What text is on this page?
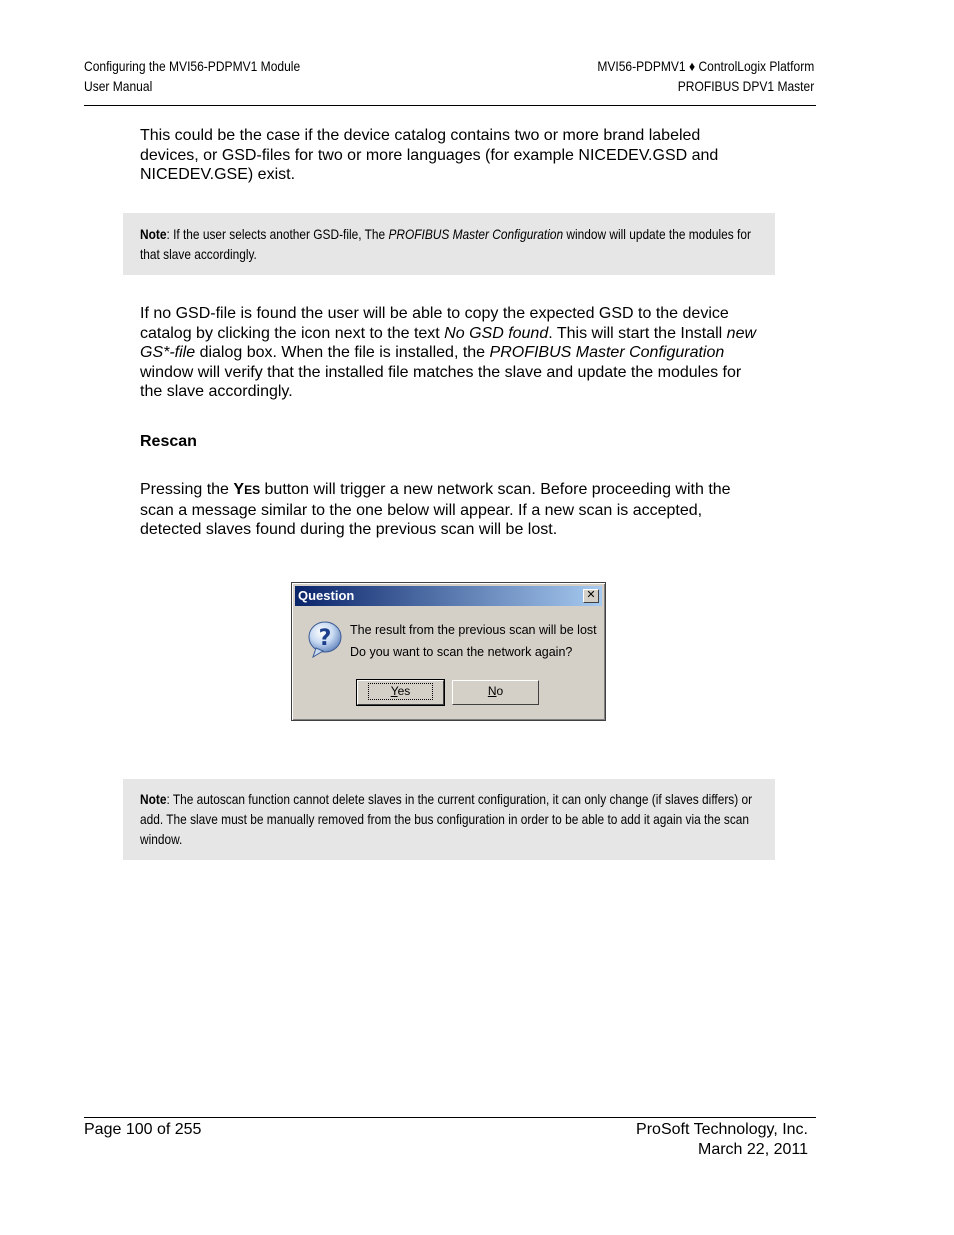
Configuring the MVI56-PDPMV1 Module
User Manual
MVI56-PDPMV1 ♦ ControlLogix Platform
PROFIBUS DPV1 Master

This could be the case if the device catalog contains two or more brand labeled devices, or GSD-files for two or more languages (for example NICEDEV.GSD and NICEDEV.GSE) exist.

Note: If the user selects another GSD-file, The PROFIBUS Master Configuration window will update the modules for that slave accordingly.

If no GSD-file is found the user will be able to copy the expected GSD to the device catalog by clicking the icon next to the text No GSD found. This will start the Install new GS*-file dialog box. When the file is installed, the PROFIBUS Master Configuration window will verify that the installed file matches the slave and update the modules for the slave accordingly.

Rescan

Pressing the YES button will trigger a new network scan. Before proceeding with the scan a message similar to the one below will appear. If a new scan is accepted, detected slaves found during the previous scan will be lost.

Question	✕
? The result from the previous scan will be lost
Do you want to scan the network again?
Yes	No

Note: The autoscan function cannot delete slaves in the current configuration, it can only change (if slaves differs) or add. The slave must be manually removed from the bus configuration in order to be able to add it again via the scan window.

Page 100 of 255	ProSoft Technology, Inc.
March 22, 2011
